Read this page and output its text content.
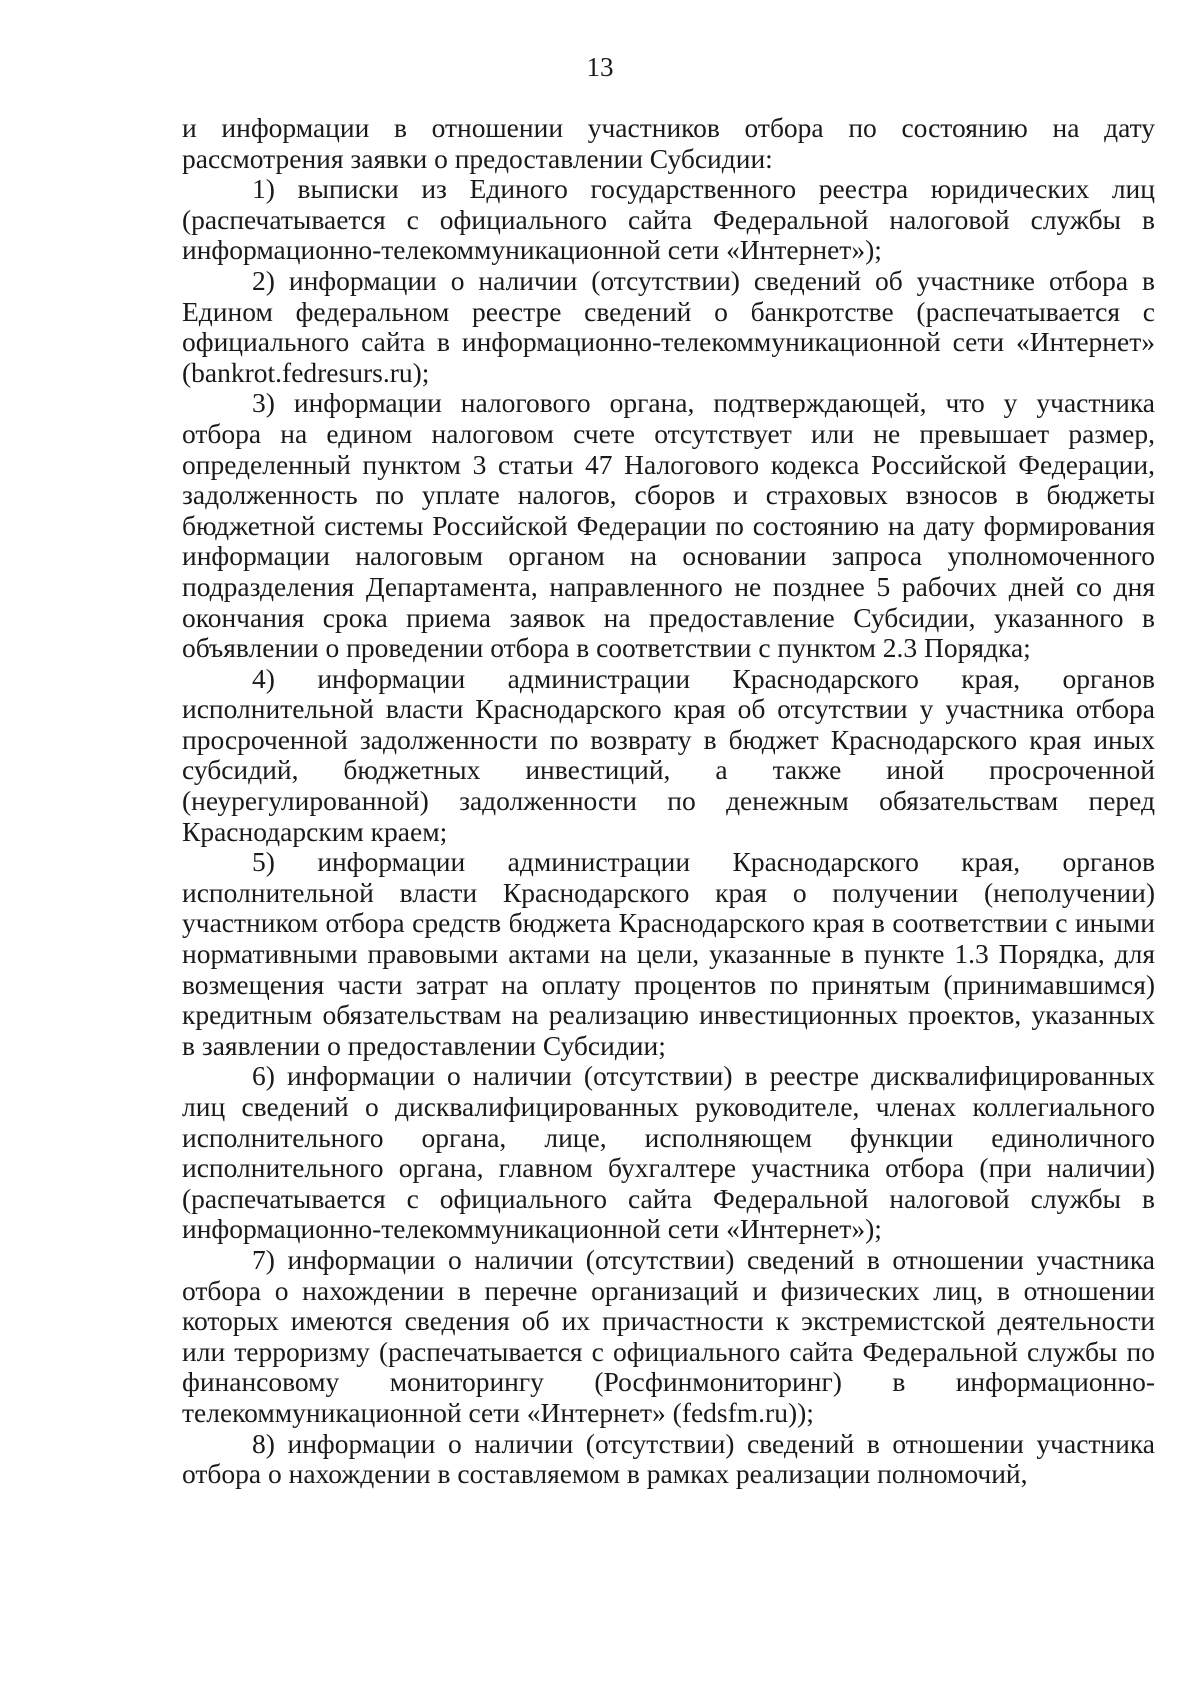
13

и информации в отношении участников отбора по состоянию на дату рассмотрения заявки о предоставлении Субсидии:

1) выписки из Единого государственного реестра юридических лиц (распечатывается с официального сайта Федеральной налоговой службы в информационно-телекоммуникационной сети «Интернет»);

2) информации о наличии (отсутствии) сведений об участнике отбора в Едином федеральном реестре сведений о банкротстве (распечатывается с официального сайта в информационно-телекоммуникационной сети «Интернет» (bankrot.fedresurs.ru);

3) информации налогового органа, подтверждающей, что у участника отбора на едином налоговом счете отсутствует или не превышает размер, определенный пунктом 3 статьи 47 Налогового кодекса Российской Федерации, задолженность по уплате налогов, сборов и страховых взносов в бюджеты бюджетной системы Российской Федерации по состоянию на дату формирования информации налоговым органом на основании запроса уполномоченного подразделения Департамента, направленного не позднее 5 рабочих дней со дня окончания срока приема заявок на предоставление Субсидии, указанного в объявлении о проведении отбора в соответствии с пунктом 2.3 Порядка;

4) информации администрации Краснодарского края, органов исполнительной власти Краснодарского края об отсутствии у участника отбора просроченной задолженности по возврату в бюджет Краснодарского края иных субсидий, бюджетных инвестиций, а также иной просроченной (неурегулированной) задолженности по денежным обязательствам перед Краснодарским краем;

5) информации администрации Краснодарского края, органов исполнительной власти Краснодарского края о получении (неполучении) участником отбора средств бюджета Краснодарского края в соответствии с иными нормативными правовыми актами на цели, указанные в пункте 1.3 Порядка, для возмещения части затрат на оплату процентов по принятым (принимавшимся) кредитным обязательствам на реализацию инвестиционных проектов, указанных в заявлении о предоставлении Субсидии;

6) информации о наличии (отсутствии) в реестре дисквалифицированных лиц сведений о дисквалифицированных руководителе, членах коллегиального исполнительного органа, лице, исполняющем функции единоличного исполнительного органа, главном бухгалтере участника отбора (при наличии) (распечатывается с официального сайта Федеральной налоговой службы в информационно-телекоммуникационной сети «Интернет»);

7) информации о наличии (отсутствии) сведений в отношении участника отбора о нахождении в перечне организаций и физических лиц, в отношении которых имеются сведения об их причастности к экстремистской деятельности или терроризму (распечатывается с официального сайта Федеральной службы по финансовому мониторингу (Росфинмониторинг) в информационно-телекоммуникационной сети «Интернет» (fedsfm.ru));

8) информации о наличии (отсутствии) сведений в отношении участника отбора о нахождении в составляемом в рамках реализации полномочий,
